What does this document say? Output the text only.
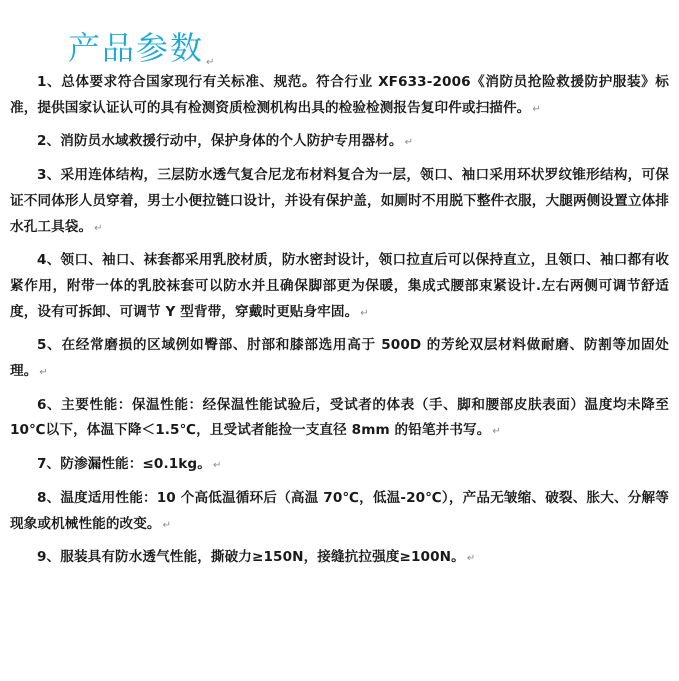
产品参数 ↵

1、总体要求符合国家现行有关标准、规范。符合行业 XF633-2006《消防员抢险救援防护服装》标准，提供国家认证认可的具有检测资质检测机构出具的检验检测报告复印件或扫描件。 ↵

2、消防员水域救援行动中，保护身体的个人防护专用器材。 ↵

3、采用连体结构，三层防水透气复合尼龙布材料复合为一层，领口、袖口采用环状罗纹锥形结构，可保证不同体形人员穿着，男士小便拉链口设计，并设有保护盖，如厕时不用脱下整件衣服，大腿两侧设置立体排水孔工具袋。 ↵

4、领口、袖口、袜套都采用乳胶材质，防水密封设计，领口拉直后可以保持直立，且领口、袖口都有收紧作用，附带一体的乳胶袜套可以防水并且确保脚部更为保暖，集成式腰部束紧设计.左右两侧可调节舒适度，设有可拆卸、可调节 Y 型背带，穿戴时更贴身牢固。 ↵

5、在经常磨损的区域例如臀部、肘部和膝部选用高于 500D 的芳纶双层材料做耐磨、防割等加固处理。 ↵

6、主要性能：保温性能：经保温性能试验后，受试者的体表（手、脚和腰部皮肤表面）温度均未降至 10℃以下，体温下降＜1.5℃，且受试者能捡一支直径 8mm 的铅笔并书写。 ↵

7、防渗漏性能：≤0.1kg。 ↵

8、温度适用性能：10 个高低温循环后（高温 70℃，低温-20℃），产品无皱缩、破裂、胀大、分解等现象或机械性能的改变。 ↵

9、服装具有防水透气性能，撕破力≥150N，接缝抗拉强度≥100N。 ↵
